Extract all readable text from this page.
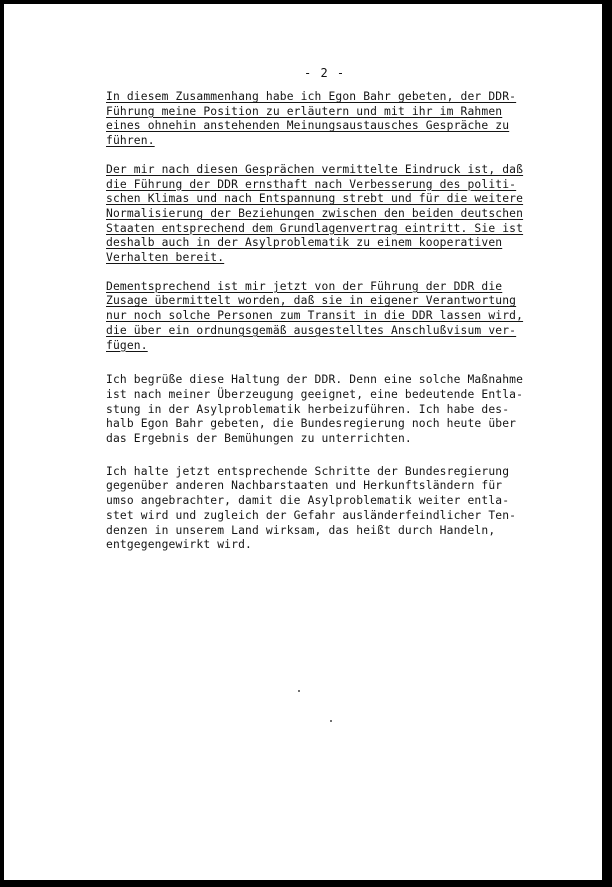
- 2 -
In diesem Zusammenhang habe ich Egon Bahr gebeten, der DDR-
Führung meine Position zu erläutern und mit ihr im Rahmen
eines ohnehin anstehenden Meinungsaustausches Gespräche zu
führen.
Der mir nach diesen Gesprächen vermittelte Eindruck ist, daß
die Führung der DDR ernsthaft nach Verbesserung des politi-
schen Klimas und nach Entspannung strebt und für die weitere
Normalisierung der Beziehungen zwischen den beiden deutschen
Staaten entsprechend dem Grundlagenvertrag eintritt. Sie ist
deshalb auch in der Asylproblematik zu einem kooperativen
Verhalten bereit.
Dementsprechend ist mir jetzt von der Führung der DDR die
Zusage übermittelt worden, daß sie in eigener Verantwortung
nur noch solche Personen zum Transit in die DDR lassen wird,
die über ein ordnungsgemäß ausgestelltes Anschlußvisum ver-
fügen.
Ich begrüße diese Haltung der DDR. Denn eine solche Maßnahme
ist nach meiner Überzeugung geeignet, eine bedeutende Entla-
stung in der Asylproblematik herbeizuführen. Ich habe des-
halb Egon Bahr gebeten, die Bundesregierung noch heute über
das Ergebnis der Bemühungen zu unterrichten.
Ich halte jetzt entsprechende Schritte der Bundesregierung
gegenüber anderen Nachbarstaaten und Herkunftsländern für
umso angebrachter, damit die Asylproblematik weiter entla-
stet wird und zugleich der Gefahr ausländerfeindlicher Ten-
denzen in unserem Land wirksam, das heißt durch Handeln,
entgegengewirkt wird.
